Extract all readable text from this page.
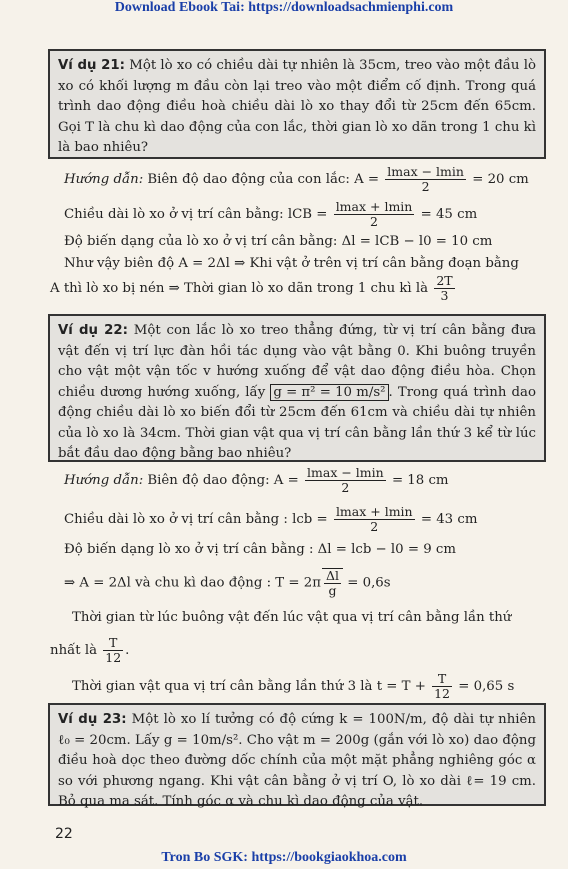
Download Ebook Tai: https://downloadsachmienphi.com
Ví dụ 21: Một lò xo có chiều dài tự nhiên là 35cm, treo vào một đầu lò xo có khối lượng m đầu còn lại treo vào một điểm cố định. Trong quá trình dao động điều hoà chiều dài lò xo thay đổi từ 25cm đến 65cm. Gọi T là chu kì dao động của con lắc, thời gian lò xo dãn trong 1 chu kì là bao nhiêu?
Hướng dẫn: Biên độ dao động của con lắc: $A = \frac{lmax - lmin}{2} = 20$ cm
Chiều dài lò xo ở vị trí cân bằng: lCB = $\frac{lmax + lmin}{2} = 45$ cm
Độ biến dạng của lò xo ở vị trí cân bằng: Δl = lCB − l0 = 10 cm
Như vậy biên độ A = 2Δl ⇒ Khi vật ở trên vị trí cân bằng đoạn bằng
A thì lò xo bị nén ⇒ Thời gian lò xo dãn trong 1 chu kì là $\frac{2T}{3}$
Ví dụ 22: Một con lắc lò xo treo thẳng đứng, từ vị trí cân bằng đưa vật đến vị trí lực đàn hồi tác dụng vào vật bằng 0. Khi buông truyền cho vật một vận tốc v hướng xuống để vật dao động điều hòa. Chọn chiều dương hướng xuống, lấy g = π² = 10 m/s² . Trong quá trình dao động chiều dài lò xo biến đổi từ 25cm đến 61cm và chiều dài tự nhiên của lò xo là 34cm. Thời gian vật qua vị trí cân bằng lần thứ 3 kể từ lúc bắt đầu dao động bằng bao nhiêu?
Hướng dẫn: Biên độ dao động: $A = \frac{lmax - lmin}{2} = 18$ cm
Chiều dài lò xo ở vị trí cân bằng : lcb = $\frac{lmax + lmin}{2} = 43$ cm
Độ biến dạng lò xo ở vị trí cân bằng : Δl = lcb − l0 = 9 cm
⇒ A = 2Δl và chu kì dao động : $T = 2\pi \frac{\Delta l}{g} = 0,6s$
Thời gian từ lúc buông vật đến lúc vật qua vị trí cân bằng lần thứ
nhất là $\frac{T}{12}$ .
Thời gian vật qua vị trí cân bằng lần thứ 3 là $t = T + \frac{T}{12} = 0,65$ s
Ví dụ 23: Một lò xo lí tưởng có độ cứng k = 100N/m, độ dài tự nhiên ℓ₀ = 20cm. Lấy g = 10m/s². Cho vật m = 200g (gắn với lò xo) dao động điều hoà dọc theo đường dốc chính của một mặt phẳng nghiêng góc α so với phương ngang. Khi vật cân bằng ở vị trí O, lò xo dài ℓ= 19 cm. Bỏ qua ma sát. Tính góc α và chu kì dao động của vật.
22
Tron Bo SGK: https://bookgiaokhoa.com
